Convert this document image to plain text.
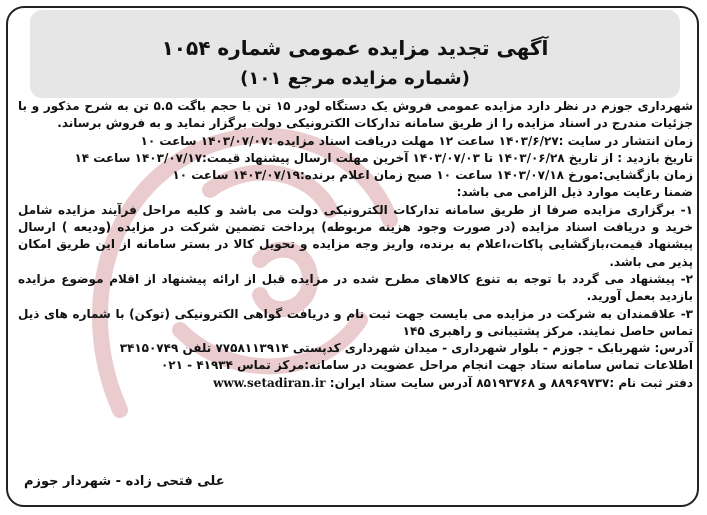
آگهی تجدید مزایده عمومی شماره ۱۰۵۴
(شماره مزایده مرجع ۱۰۱)

شهرداری جوزم در نظر دارد مزایده عمومی فروش یک دستگاه لودر ۱۵ تن با حجم باگت ۵.۵ تن به شرح مذکور و با جزئیات مندرج در اسناد مزایده را از طریق سامانه تدارکات الکترونیکی دولت برگزار نماید و به فروش برساند.

زمان انتشار در سایت :۱۴۰۳/۶/۲۷ ساعت ۱۲ مهلت دریافت اسناد مزایده :۱۴۰۳/۰۷/۰۷ ساعت ۱۰

تاریخ بازدید : از تاریخ ۱۴۰۳/۰۶/۲۸ تا ۱۴۰۳/۰۷/۰۳ آخرین مهلت ارسال پیشنهاد قیمت:۱۴۰۳/۰۷/۱۷ ساعت ۱۴

زمان بازگشایی:مورخ ۱۴۰۳/۰۷/۱۸ ساعت ۱۰ صبح زمان اعلام برنده:۱۴۰۳/۰۷/۱۹ ساعت ۱۰

ضمنا رعایت موارد ذیل الزامی می باشد:

۱- برگزاری مزایده صرفا از طریق سامانه تدارکات الکترونیکی دولت می باشد و کلیه مراحل فرآیند مزایده شامل خرید و دریافت اسناد مزایده (در صورت وجود هزینه مربوطه) پرداخت تضمین شرکت در مزایده (ودیعه ) ارسال پیشنهاد قیمت،بازگشایی پاکات،اعلام به برنده، واریز وجه مزایده و تحویل کالا در بستر سامانه از این طریق امکان پذیر می باشد.

۲- پیشنهاد می گردد با توجه به تنوع کالاهای مطرح شده در مزایده قبل از ارائه پیشنهاد از اقلام موضوع مزایده بازدید بعمل آورید.

۳- علاقمندان به شرکت در مزایده می بایست جهت ثبت نام و دریافت گواهی الکترونیکی (توکن) با شماره های ذیل تماس حاصل نمایند. مرکز پشتیبانی و راهبری ۱۴۵

آدرس: شهربابک - جوزم - بلوار شهرداری - میدان شهرداری کدپستی ۷۷۵۸۱۱۳۹۱۴ تلفن ۳۴۱۵۰۷۴۹

اطلاعات تماس سامانه ستاد جهت انجام مراحل عضویت در سامانه:مرکز تماس ۴۱۹۳۴ - ۰۲۱

دفتر ثبت نام :۸۸۹۶۹۷۳۷ و ۸۵۱۹۳۷۶۸ آدرس سایت ستاد ایران: www.setadiran.ir

علی فتحی زاده - شهردار جوزم
